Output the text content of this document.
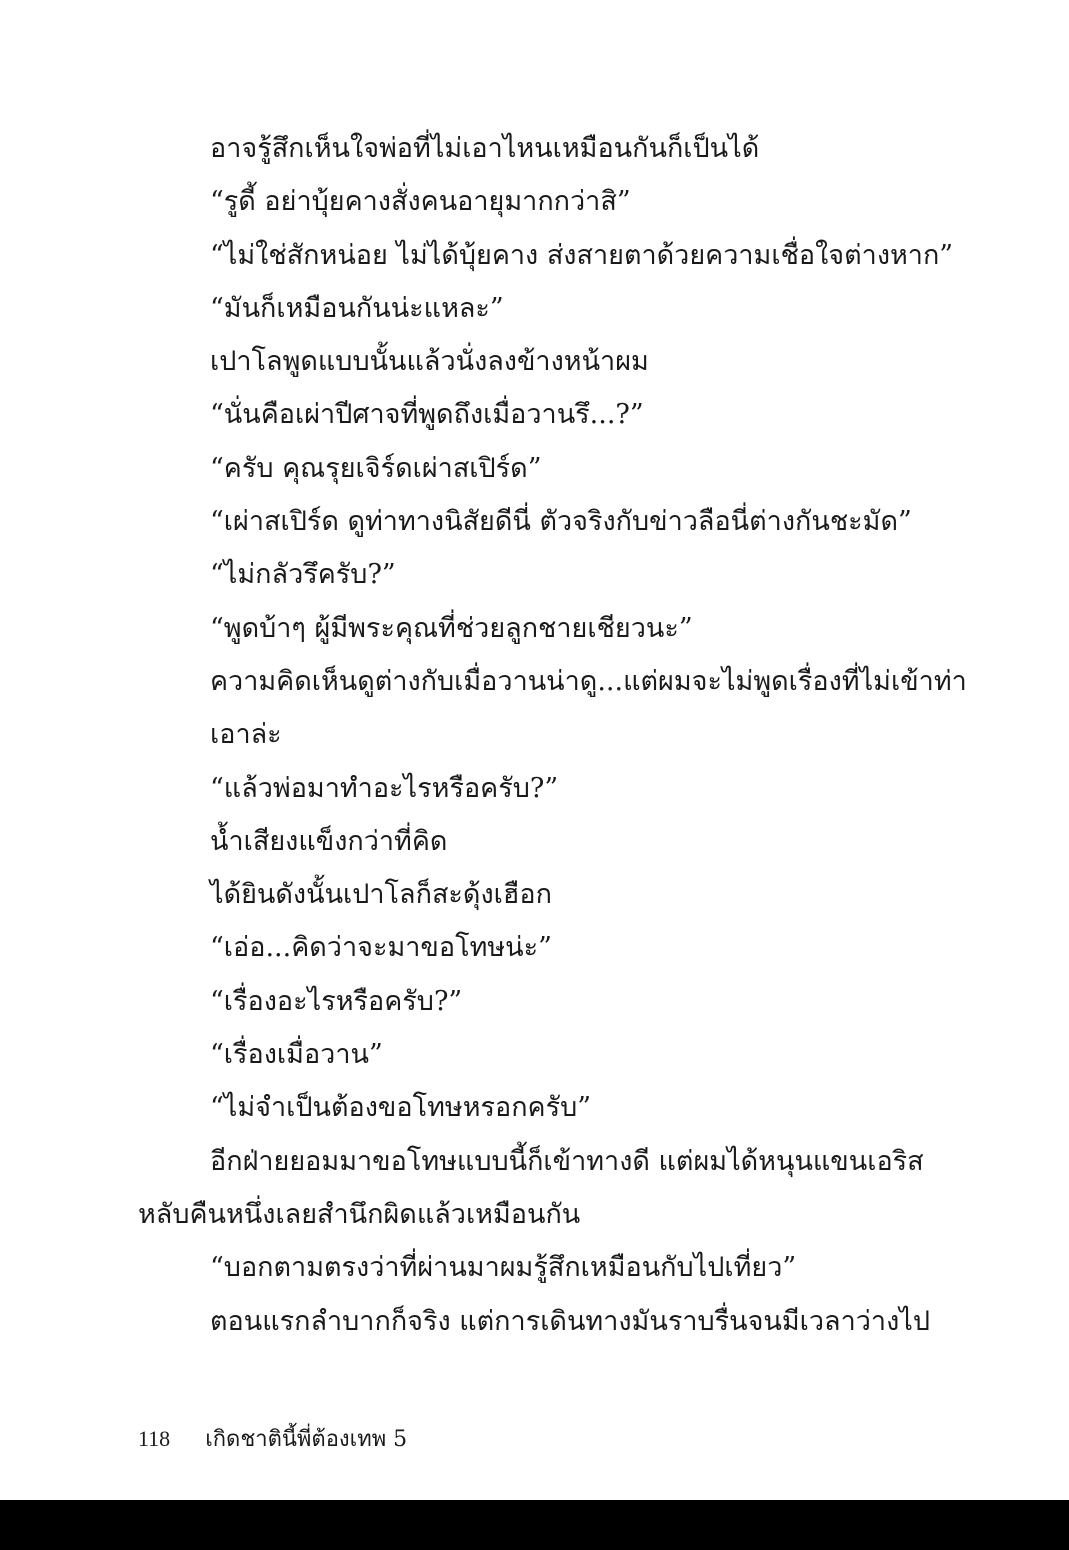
อาจรู้สึกเห็นใจพ่อที่ไม่เอาไหนเหมือนกันก็เป็นได้
“รูดี้ อย่าบุ้ยคางสั่งคนอายุมากกว่าสิ”
“ไม่ใช่สักหน่อย ไม่ได้บุ้ยคาง ส่งสายตาด้วยความเชื่อใจต่างหาก”
“มันก็เหมือนกันน่ะแหละ”
เปาโลพูดแบบนั้นแล้วนั่งลงข้างหน้าผม
“นั่นคือเผ่าปีศาจที่พูดถึงเมื่อวานรึ...?”
“ครับ คุณรุยเจิร์ดเผ่าสเปิร์ด”
“เผ่าสเปิร์ด ดูท่าทางนิสัยดีนี่ ตัวจริงกับข่าวลือนี่ต่างกันชะมัด”
“ไม่กลัวรึครับ?”
“พูดบ้าๆ ผู้มีพระคุณที่ช่วยลูกชายเชียวนะ”
ความคิดเห็นดูต่างกับเมื่อวานน่าดู...แต่ผมจะไม่พูดเรื่องที่ไม่เข้าท่า
เอาล่ะ
“แล้วพ่อมาทำอะไรหรือครับ?”
น้ำเสียงแข็งกว่าที่คิด
ได้ยินดังนั้นเปาโลก็สะดุ้งเฮือก
“เอ่อ...คิดว่าจะมาขอโทษน่ะ”
“เรื่องอะไรหรือครับ?”
“เรื่องเมื่อวาน”
“ไม่จำเป็นต้องขอโทษหรอกครับ”
อีกฝ่ายยอมมาขอโทษแบบนี้ก็เข้าทางดี แต่ผมได้หนุนแขนเอริส
หลับคืนหนึ่งเลยสำนึกผิดแล้วเหมือนกัน
“บอกตามตรงว่าที่ผ่านมาผมรู้สึกเหมือนกับไปเที่ยว”
ตอนแรกลำบากก็จริง แต่การเดินทางมันราบรื่นจนมีเวลาว่างไป
118 เกิดชาตินี้พี่ต้องเทพ 5
